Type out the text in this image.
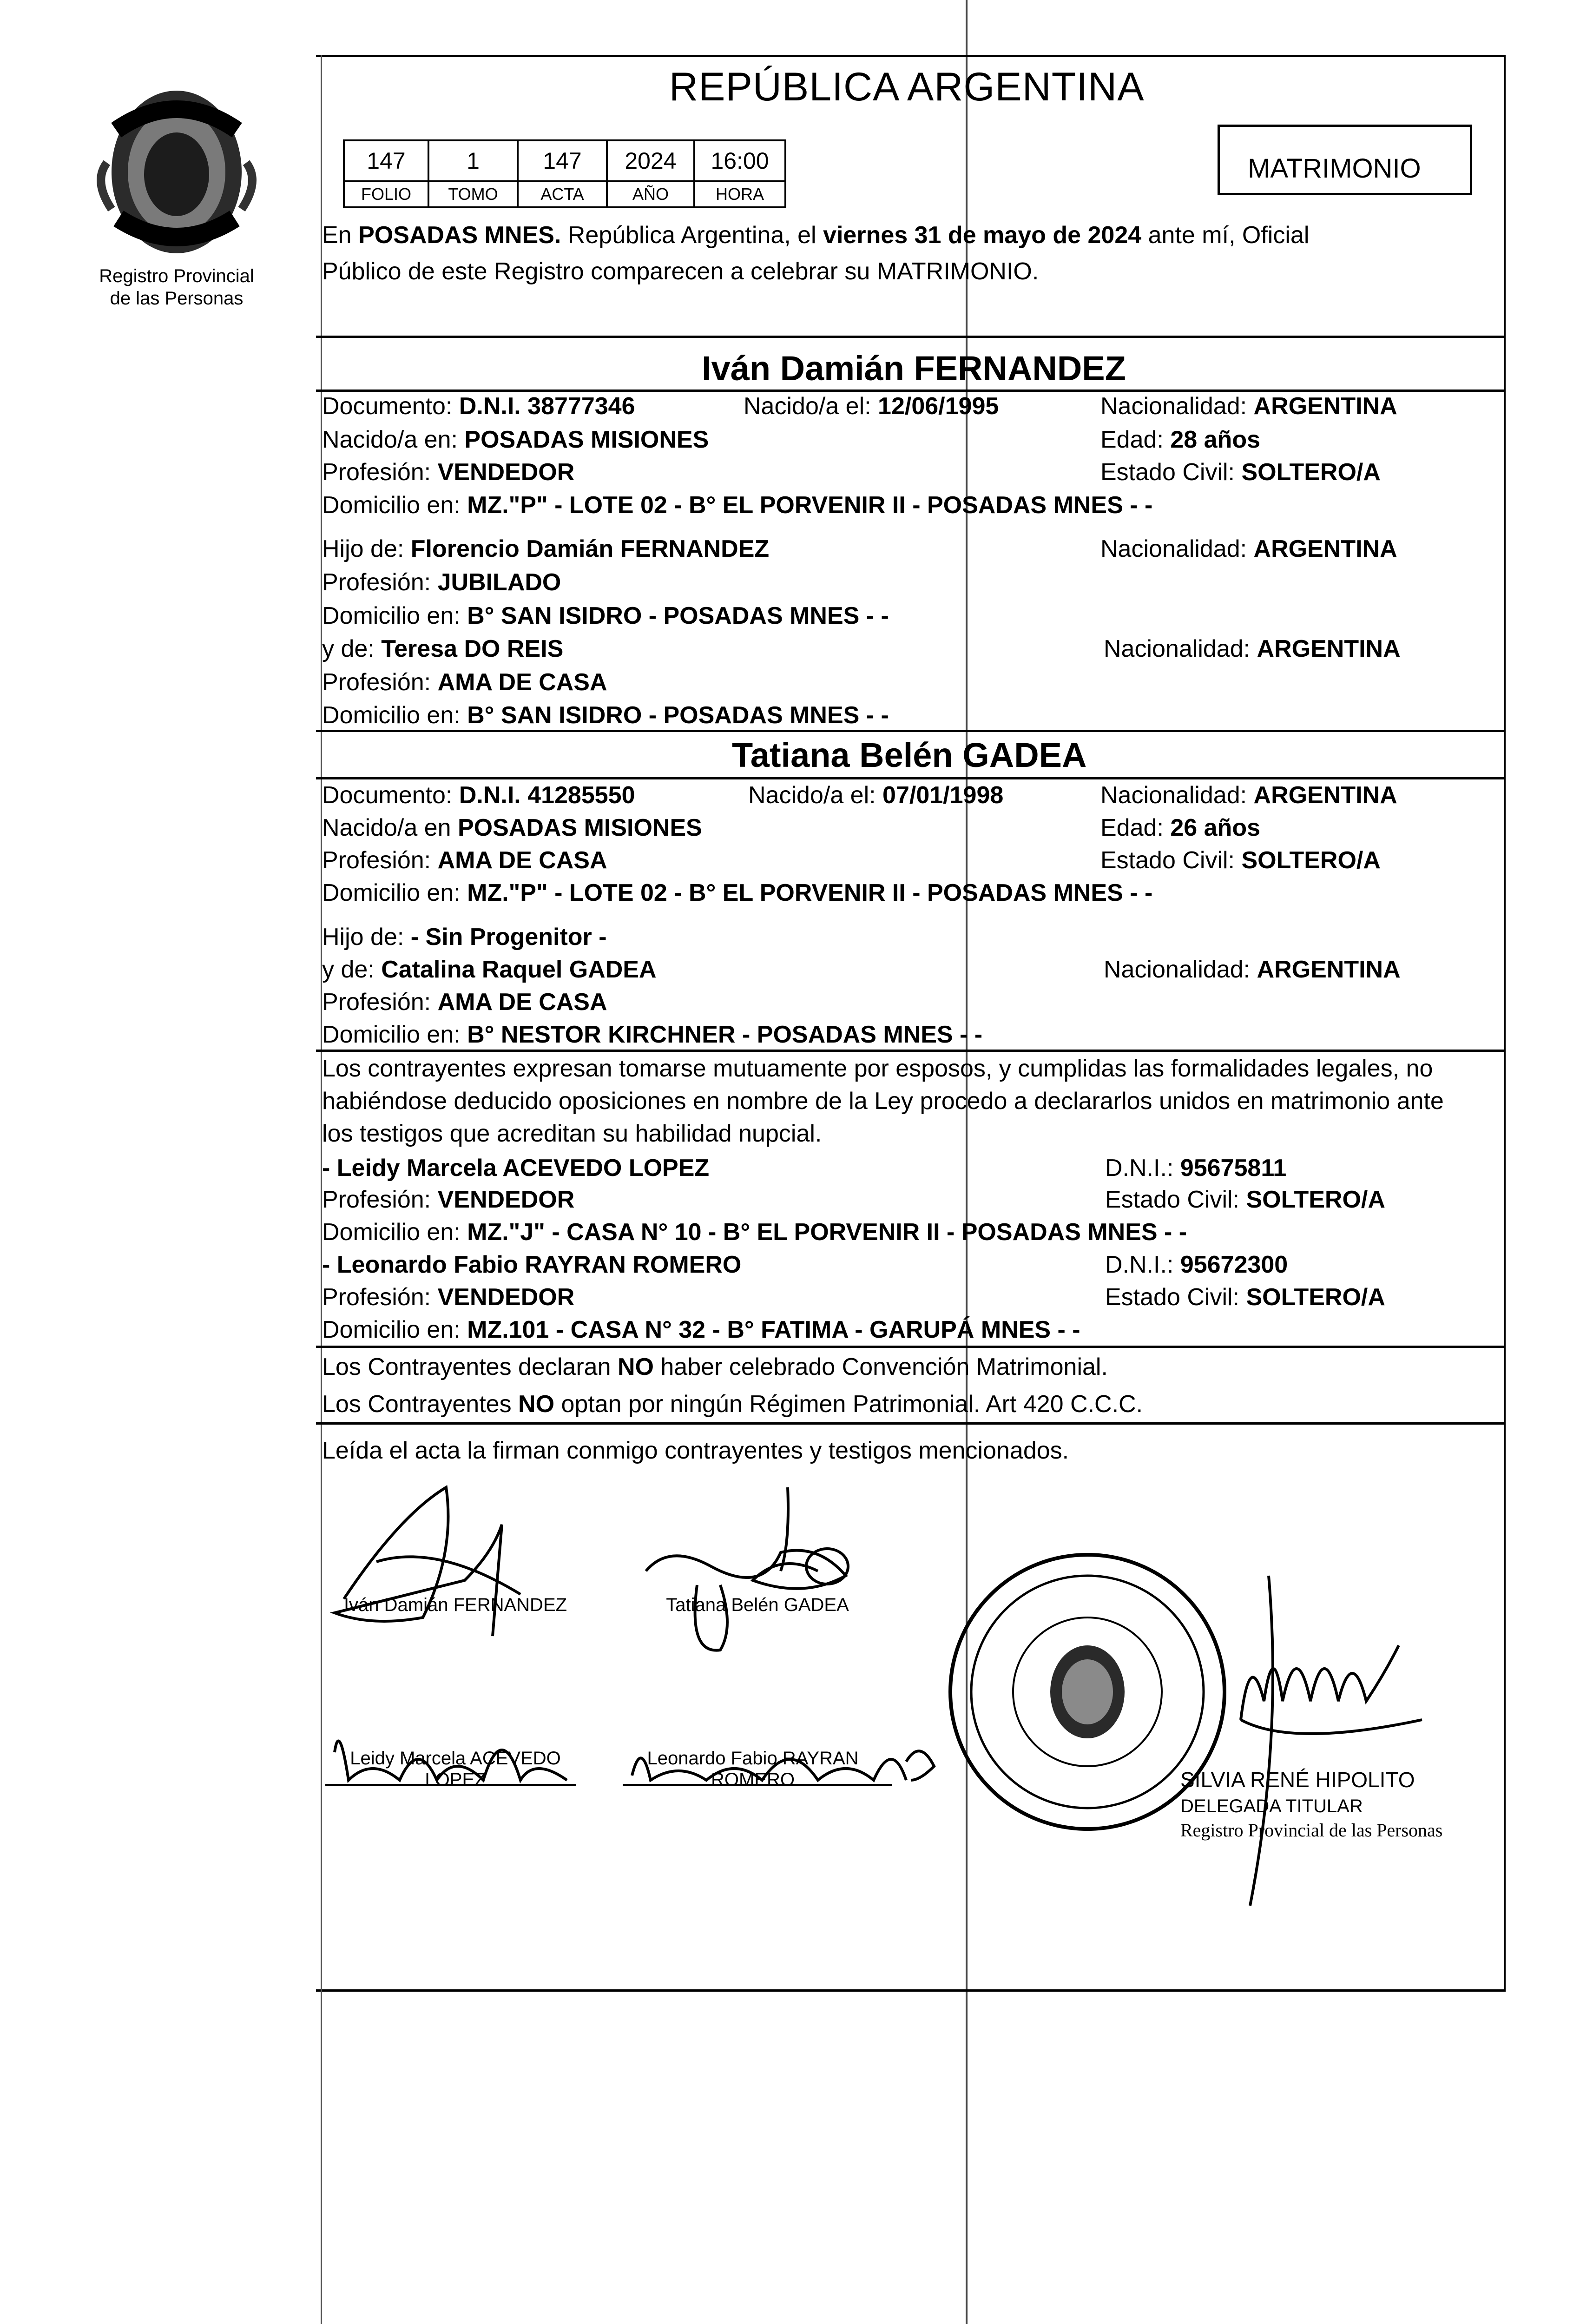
Registro Provincial
de las Personas
REPÚBLICA ARGENTINA
147	1	147	2024	16:00
FOLIO	TOMO	ACTA	AÑO	HORA
MATRIMONIO
En POSADAS MNES. República Argentina, el viernes 31 de mayo de 2024 ante mí, Oficial
Público de este Registro comparecen a celebrar su MATRIMONIO.
Iván Damián FERNANDEZ
Documento: D.N.I. 38777346	Nacido/a el: 12/06/1995	Nacionalidad: ARGENTINA
Nacido/a en: POSADAS MISIONES	Edad: 28 años
Profesión: VENDEDOR	Estado Civil: SOLTERO/A
Domicilio en: MZ."P" - LOTE 02 - B° EL PORVENIR II - POSADAS MNES - -
Hijo de: Florencio Damián FERNANDEZ	Nacionalidad: ARGENTINA
Profesión: JUBILADO
Domicilio en: B° SAN ISIDRO - POSADAS MNES - -
y de: Teresa DO REIS	Nacionalidad: ARGENTINA
Profesión: AMA DE CASA
Domicilio en: B° SAN ISIDRO - POSADAS MNES - -
Tatiana Belén GADEA
Documento: D.N.I. 41285550	Nacido/a el: 07/01/1998	Nacionalidad: ARGENTINA
Nacido/a en POSADAS MISIONES	Edad: 26 años
Profesión: AMA DE CASA	Estado Civil: SOLTERO/A
Domicilio en: MZ."P" - LOTE 02 - B° EL PORVENIR II - POSADAS MNES - -
Hijo de: - Sin Progenitor -
y de: Catalina Raquel GADEA	Nacionalidad: ARGENTINA
Profesión: AMA DE CASA
Domicilio en: B° NESTOR KIRCHNER - POSADAS MNES - -
Los contrayentes expresan tomarse mutuamente por esposos, y cumplidas las formalidades legales, no
habiéndose deducido oposiciones en nombre de la Ley procedo a declararlos unidos en matrimonio ante
los testigos que acreditan su habilidad nupcial.
- Leidy Marcela ACEVEDO LOPEZ	D.N.I.: 95675811
Profesión: VENDEDOR	Estado Civil: SOLTERO/A
Domicilio en: MZ."J" - CASA N° 10 - B° EL PORVENIR II - POSADAS MNES - -
- Leonardo Fabio RAYRAN ROMERO	D.N.I.: 95672300
Profesión: VENDEDOR	Estado Civil: SOLTERO/A
Domicilio en: MZ.101 - CASA N° 32 - B° FATIMA - GARUPÁ MNES - -
Los Contrayentes declaran NO haber celebrado Convención Matrimonial.
Los Contrayentes NO optan por ningún Régimen Patrimonial. Art 420 C.C.C.
Leída el acta la firman conmigo contrayentes y testigos mencionados.
Iván Damián FERNANDEZ	Tatiana Belén GADEA
Leidy Marcela ACEVEDO
LOPEZ
Leonardo Fabio RAYRAN
ROMERO	SILVIA RENÉ HIPOLITO
DELEGADA TITULAR
Registro Provincial de las Personas
